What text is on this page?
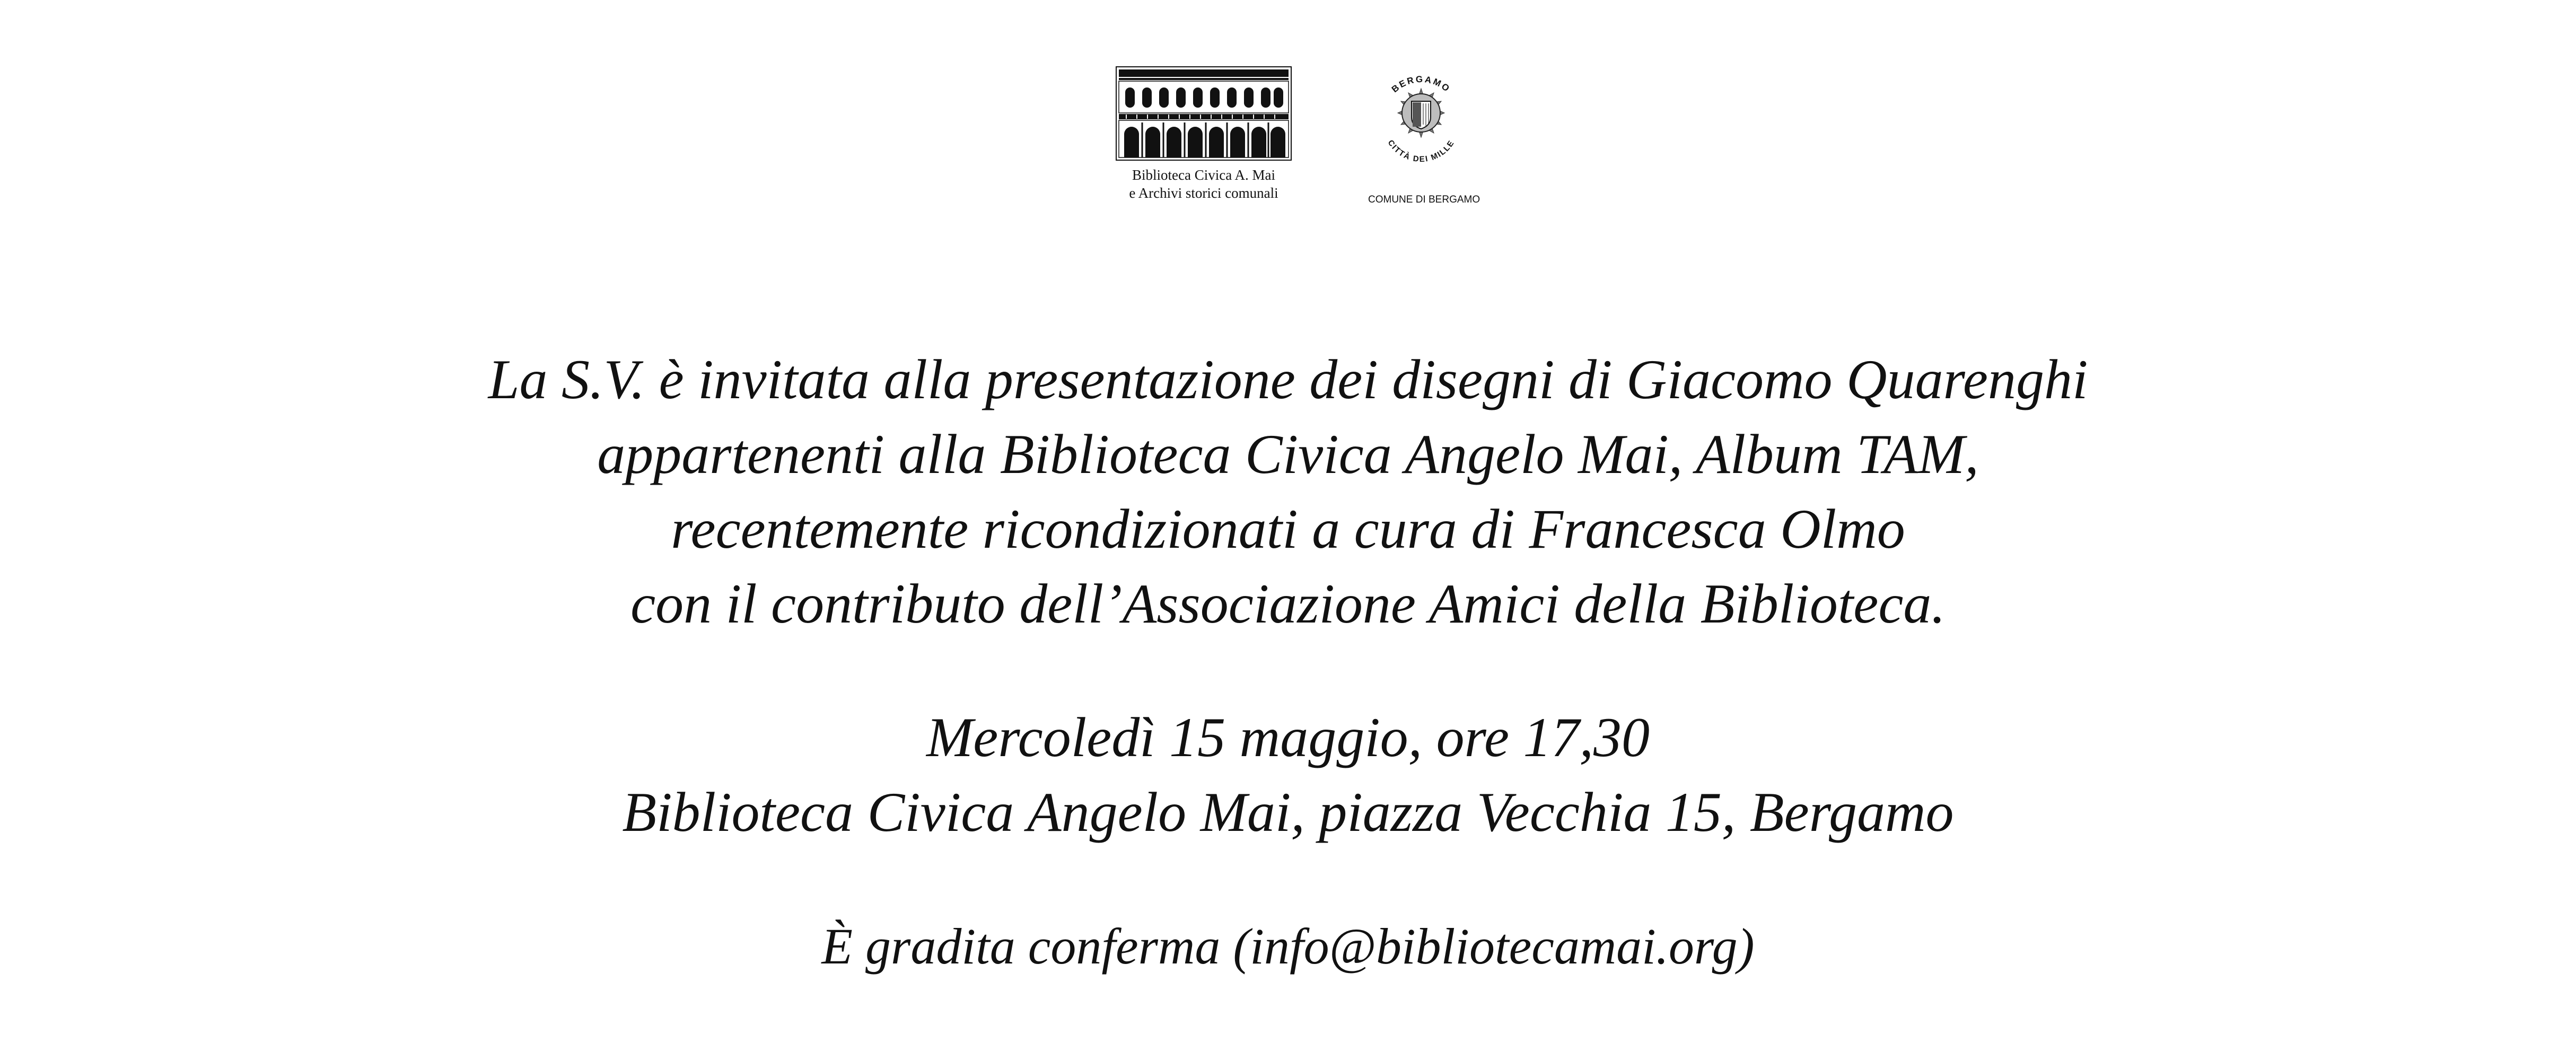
Biblioteca Civica A. Mai
e Archivi storici comunali
BERGAMO
CITTÀ DEI MILLE
COMUNE DI BERGAMO
La S.V. è invitata alla presentazione dei disegni di Giacomo Quarenghi
appartenenti alla Biblioteca Civica Angelo Mai, Album TAM,
recentemente ricondizionati a cura di Francesca Olmo
con il contributo dell’Associazione Amici della Biblioteca.
Mercoledì 15 maggio, ore 17,30
Biblioteca Civica Angelo Mai, piazza Vecchia 15, Bergamo
È gradita conferma (info@bibliotecamai.org)
